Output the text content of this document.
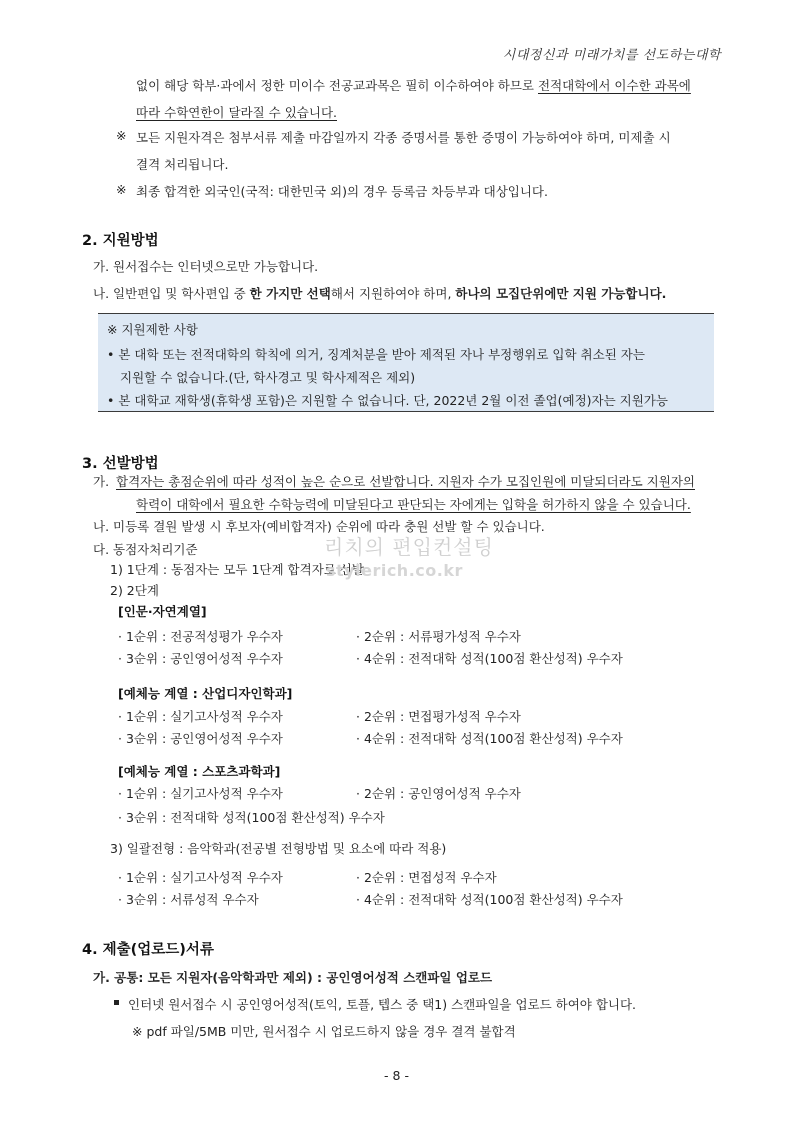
시대정신과 미래가치를 선도하는대학
없이 해당 학부·과에서 정한 미이수 전공교과목은 필히 이수하여야 하므로 전적대학에서 이수한 과목에
따라 수학연한이 달라질 수 있습니다.
※ 모든 지원자격은 첨부서류 제출 마감일까지 각종 증명서를 통한 증명이 가능하여야 하며, 미제출 시
결격 처리됩니다.
※ 최종 합격한 외국인(국적: 대한민국 외)의 경우 등록금 차등부과 대상입니다.
2. 지원방법
가. 원서접수는 인터넷으로만 가능합니다.
나. 일반편입 및 학사편입 중 한 가지만 선택해서 지원하여야 하며, 하나의 모집단위에만 지원 가능합니다.
※ 지원제한 사항
• 본 대학 또는 전적대학의 학칙에 의거, 징계처분을 받아 제적된 자나 부정행위로 입학 취소된 자는
지원할 수 없습니다.(단, 학사경고 및 학사제적은 제외)
• 본 대학교 재학생(휴학생 포함)은 지원할 수 없습니다. 단, 2022년 2월 이전 졸업(예정)자는 지원가능
3. 선발방법
가. 합격자는 총점순위에 따라 성적이 높은 순으로 선발합니다. 지원자 수가 모집인원에 미달되더라도 지원자의
학력이 대학에서 필요한 수학능력에 미달된다고 판단되는 자에게는 입학을 허가하지 않을 수 있습니다.
나. 미등록 결원 발생 시 후보자(예비합격자) 순위에 따라 충원 선발 할 수 있습니다.
다. 동점자처리기준
1) 1단계 : 동점자는 모두 1단계 합격자로 선발
2) 2단계
리치의 편입컨설팅
stylerich.co.kr
[인문·자연계열]
· 1순위 : 전공적성평가 우수자	· 2순위 : 서류평가성적 우수자
· 3순위 : 공인영어성적 우수자	· 4순위 : 전적대학 성적(100점 환산성적) 우수자
[예체능 계열 : 산업디자인학과]
· 1순위 : 실기고사성적 우수자	· 2순위 : 면접평가성적 우수자
· 3순위 : 공인영어성적 우수자	· 4순위 : 전적대학 성적(100점 환산성적) 우수자
[예체능 계열 : 스포츠과학과]
· 1순위 : 실기고사성적 우수자	· 2순위 : 공인영어성적 우수자
· 3순위 : 전적대학 성적(100점 환산성적) 우수자
3) 일괄전형 : 음악학과(전공별 전형방법 및 요소에 따라 적용)
· 1순위 : 실기고사성적 우수자	· 2순위 : 면접성적 우수자
· 3순위 : 서류성적 우수자	· 4순위 : 전적대학 성적(100점 환산성적) 우수자
4. 제출(업로드)서류
가. 공통: 모든 지원자(음악학과만 제외) : 공인영어성적 스캔파일 업로드
인터넷 원서접수 시 공인영어성적(토익, 토플, 텝스 중 택1) 스캔파일을 업로드 하여야 합니다.
※ pdf 파일/5MB 미만, 원서접수 시 업로드하지 않을 경우 결격 불합격
- 8 -
